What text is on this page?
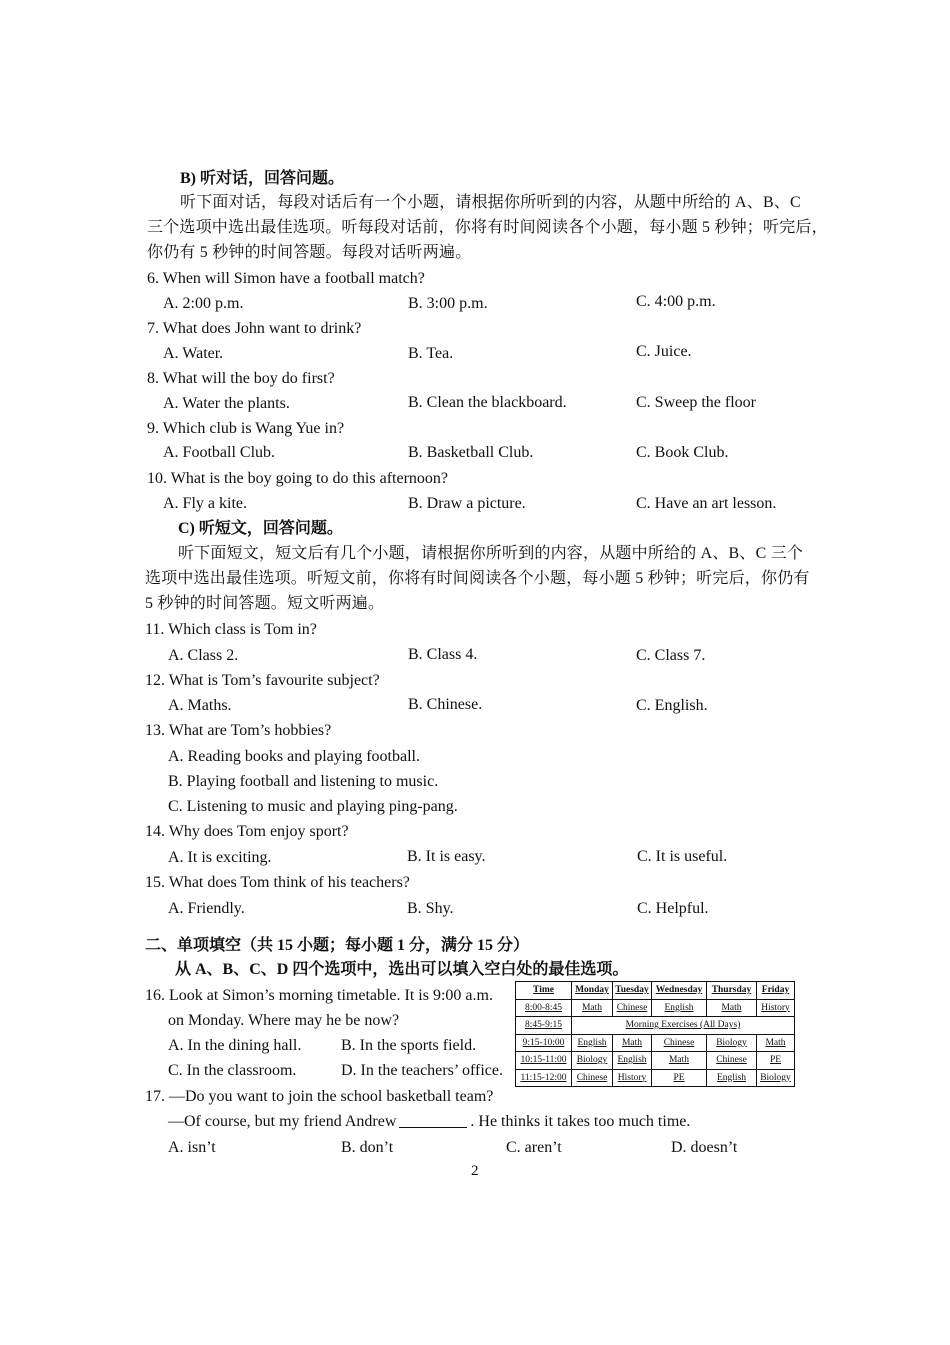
B) 听对话，回答问题。
听下面对话，每段对话后有一个小题，请根据你所听到的内容，从题中所给的 A、B、C
三个选项中选出最佳选项。听每段对话前，你将有时间阅读各个小题，每小题 5 秒钟；听完后，
你仍有 5 秒钟的时间答题。每段对话听两遍。
6. When will Simon have a football match?
A. 2:00 p.m.	B. 3:00 p.m.	C. 4:00 p.m.
7. What does John want to drink?
A. Water.	B. Tea.	C. Juice.
8. What will the boy do first?
A. Water the plants.	B. Clean the blackboard.	C. Sweep the floor
9. Which club is Wang Yue in?
A. Football Club.	B. Basketball Club.	C. Book Club.
10. What is the boy going to do this afternoon?
A. Fly a kite.	B. Draw a picture.	C. Have an art lesson.
C) 听短文，回答问题。
听下面短文，短文后有几个小题，请根据你所听到的内容，从题中所给的 A、B、C 三个
选项中选出最佳选项。听短文前，你将有时间阅读各个小题，每小题 5 秒钟；听完后，你仍有
5 秒钟的时间答题。短文听两遍。
11. Which class is Tom in?
A. Class 2.	B. Class 4.	C. Class 7.
12. What is Tom’s favourite subject?
A. Maths.	B. Chinese.	C. English.
13. What are Tom’s hobbies?
A. Reading books and playing football.
B. Playing football and listening to music.
C. Listening to music and playing ping-pang.
14. Why does Tom enjoy sport?
A. It is exciting.	B. It is easy.	C. It is useful.
15. What does Tom think of his teachers?
A. Friendly.	B. Shy.	C. Helpful.
二、单项填空（共 15 小题；每小题 1 分，满分 15 分）
从 A、B、C、D 四个选项中，选出可以填入空白处的最佳选项。
16. Look at Simon’s morning timetable. It is 9:00 a.m.
on Monday. Where may he be now?
A. In the dining hall. B. In the sports field.
C. In the classroom.	D. In the teachers’ office.
Time	Monday	Tuesday	Wednesday	Thursday	Friday
8:00-8:45	Math	Chinese	English	Math	History
8:45-9:15	Morning Exercises (All Days)				
9:15-10:00	English	Math	Chinese	Biology	Math
10:15-11:00	Biology	English	Math	Chinese	PE
11:15-12:00	Chinese	History	PE	English	Biology
17. —Do you want to join the school basketball team?
—Of course, but my friend Andrew	. He thinks it takes too much time.
A. isn’t	B. don’t	C. aren’t	D. doesn’t
2
